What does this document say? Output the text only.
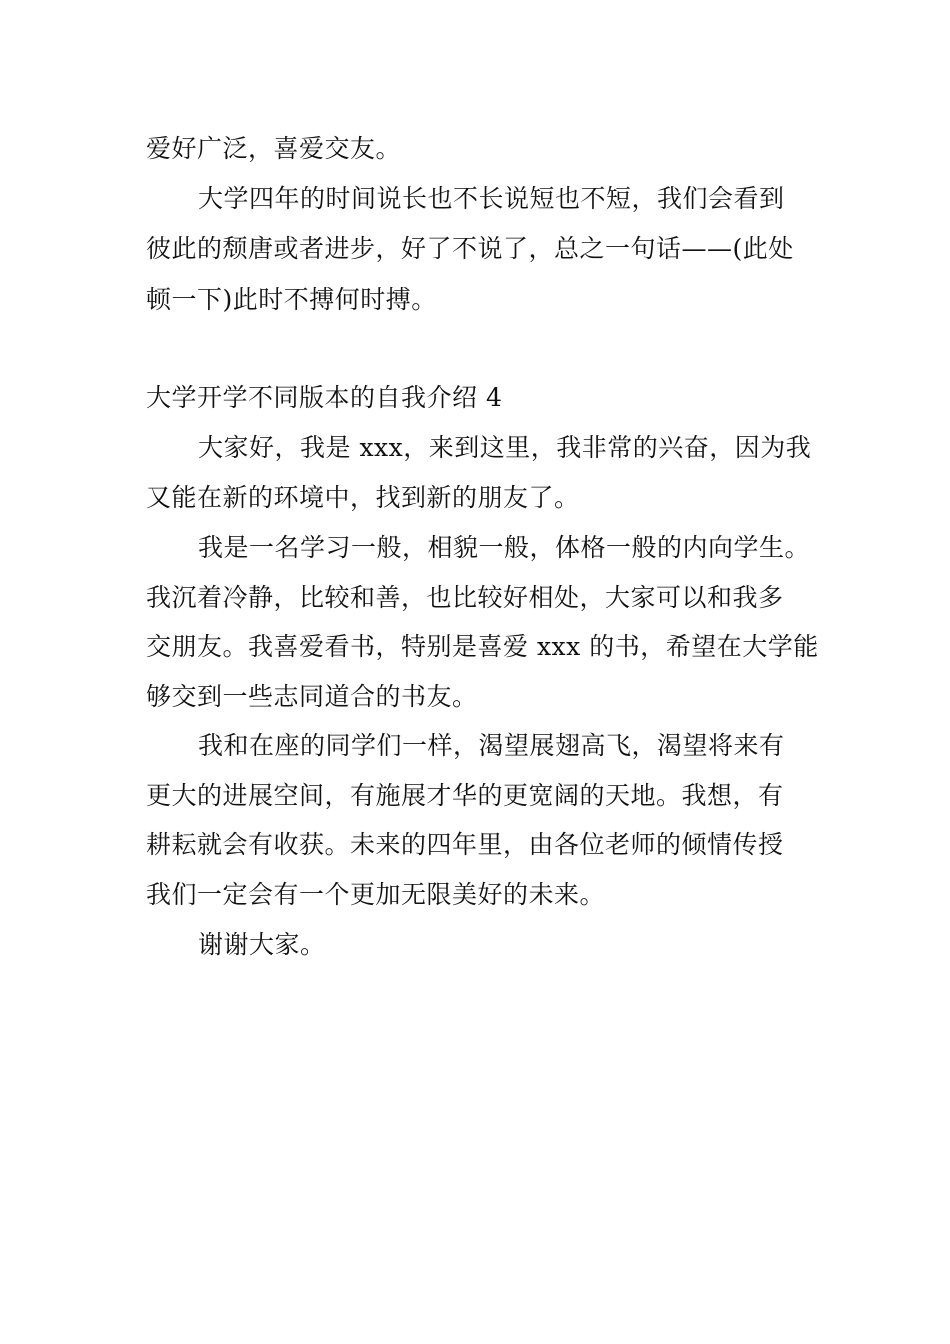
爱好广泛，喜爱交友。
大学四年的时间说长也不长说短也不短，我们会看到
彼此的颓唐或者进步，好了不说了，总之一句话——(此处
顿一下)此时不搏何时搏。
大学开学不同版本的自我介绍 4
大家好，我是 xxx，来到这里，我非常的兴奋，因为我
又能在新的环境中，找到新的朋友了。
我是一名学习一般，相貌一般，体格一般的内向学生。
我沉着冷静，比较和善，也比较好相处，大家可以和我多
交朋友。我喜爱看书，特别是喜爱 xxx 的书，希望在大学能
够交到一些志同道合的书友。
我和在座的同学们一样，渴望展翅高飞，渴望将来有
更大的进展空间，有施展才华的更宽阔的天地。我想，有
耕耘就会有收获。未来的四年里，由各位老师的倾情传授
我们一定会有一个更加无限美好的未来。
谢谢大家。
